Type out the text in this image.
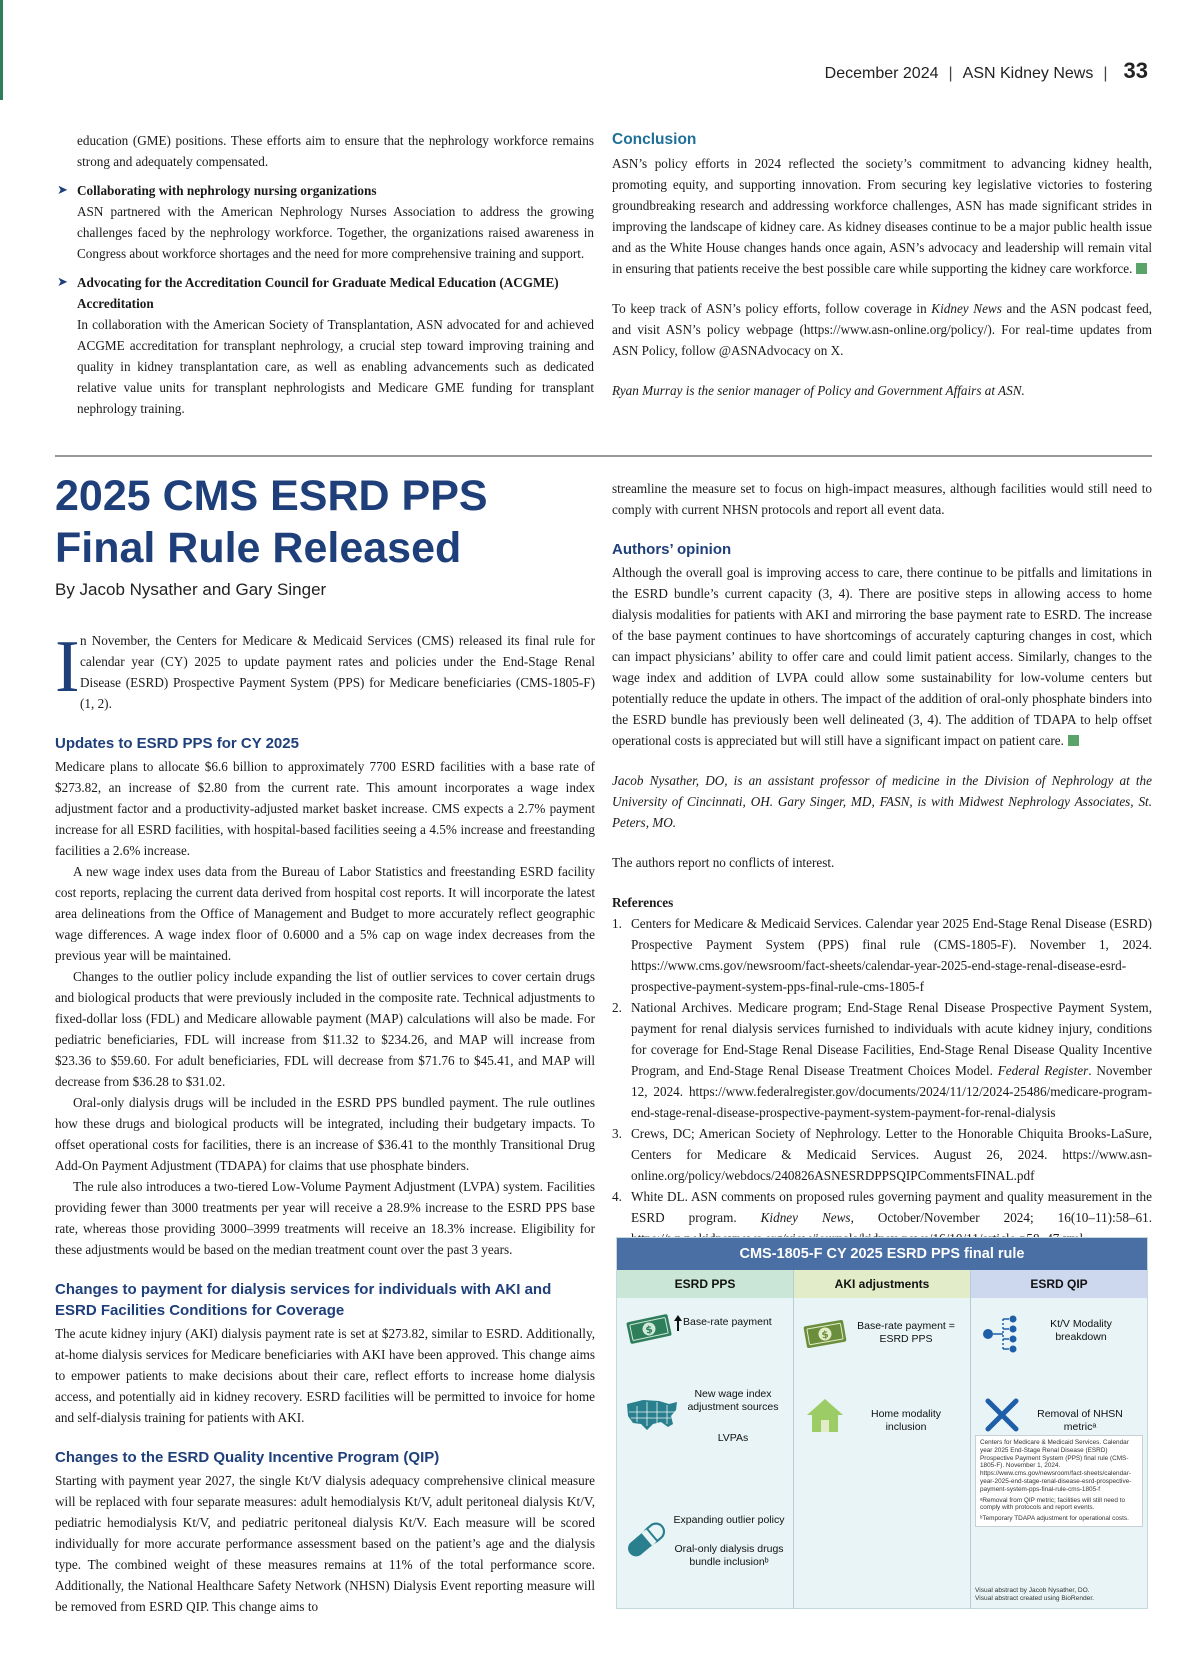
December 2024 | ASN Kidney News | 33

education (GME) positions. These efforts aim to ensure that the nephrology workforce remains strong and adequately compensated.

➤ Collaborating with nephrology nursing organizations

ASN partnered with the American Nephrology Nurses Association to address the growing challenges faced by the nephrology workforce. Together, the organizations raised awareness in Congress about workforce shortages and the need for more comprehensive training and support.

➤ Advocating for the Accreditation Council for Graduate Medical Education (ACGME) Accreditation

In collaboration with the American Society of Transplantation, ASN advocated for and achieved ACGME accreditation for transplant nephrology, a crucial step toward improving training and quality in kidney transplantation care, as well as enabling advancements such as dedicated relative value units for transplant nephrologists and Medicare GME funding for transplant nephrology training.

Conclusion

ASN’s policy efforts in 2024 reflected the society’s commitment to advancing kidney health, promoting equity, and supporting innovation. From securing key legislative victories to fostering groundbreaking research and addressing workforce challenges, ASN has made significant strides in improving the landscape of kidney care. As kidney diseases continue to be a major public health issue and as the White House changes hands once again, ASN’s advocacy and leadership will remain vital in ensuring that patients receive the best possible care while supporting the kidney care workforce.

To keep track of ASN’s policy efforts, follow coverage in Kidney News and the ASN podcast feed, and visit ASN’s policy webpage (https://www.asn-online.org/policy/). For real-time updates from ASN Policy, follow @ASNAdvocacy on X.

Ryan Murray is the senior manager of Policy and Government Affairs at ASN.

2025 CMS ESRD PPS
Final Rule Released
By Jacob Nysather and Gary Singer
I n November, the Centers for Medicare & Medicaid Services (CMS) released its final rule for calendar year (CY) 2025 to update payment rates and policies under the End-Stage Renal Disease (ESRD) Prospective Payment System (PPS) for Medicare beneficiaries (CMS-1805-F) (1, 2).

Updates to ESRD PPS for CY 2025

Medicare plans to allocate $6.6 billion to approximately 7700 ESRD facilities with a base rate of $273.82, an increase of $2.80 from the current rate. This amount incorporates a wage index adjustment factor and a productivity-adjusted market basket increase. CMS expects a 2.7% payment increase for all ESRD facilities, with hospital-based facilities seeing a 4.5% increase and freestanding facilities a 2.6% increase.

A new wage index uses data from the Bureau of Labor Statistics and freestanding ESRD facility cost reports, replacing the current data derived from hospital cost reports. It will incorporate the latest area delineations from the Office of Management and Budget to more accurately reflect geographic wage differences. A wage index floor of 0.6000 and a 5% cap on wage index decreases from the previous year will be maintained.

Changes to the outlier policy include expanding the list of outlier services to cover certain drugs and biological products that were previously included in the composite rate. Technical adjustments to fixed-dollar loss (FDL) and Medicare allowable payment (MAP) calculations will also be made. For pediatric beneficiaries, FDL will increase from $11.32 to $234.26, and MAP will increase from $23.36 to $59.60. For adult beneficiaries, FDL will decrease from $71.76 to $45.41, and MAP will decrease from $36.28 to $31.02.

Oral-only dialysis drugs will be included in the ESRD PPS bundled payment. The rule outlines how these drugs and biological products will be integrated, including their budgetary impacts. To offset operational costs for facilities, there is an increase of $36.41 to the monthly Transitional Drug Add-On Payment Adjustment (TDAPA) for claims that use phosphate binders.

The rule also introduces a two-tiered Low-Volume Payment Adjustment (LVPA) system. Facilities providing fewer than 3000 treatments per year will receive a 28.9% increase to the ESRD PPS base rate, whereas those providing 3000–3999 treatments will receive an 18.3% increase. Eligibility for these adjustments would be based on the median treatment count over the past 3 years.

Changes to payment for dialysis services for individuals with AKI and ESRD Facilities Conditions for Coverage

The acute kidney injury (AKI) dialysis payment rate is set at $273.82, similar to ESRD. Additionally, at-home dialysis services for Medicare beneficiaries with AKI have been approved. This change aims to empower patients to make decisions about their care, reflect efforts to increase home dialysis access, and potentially aid in kidney recovery. ESRD facilities will be permitted to invoice for home and self-dialysis training for patients with AKI.

Changes to the ESRD Quality Incentive Program (QIP)

Starting with payment year 2027, the single Kt/V dialysis adequacy comprehensive clinical measure will be replaced with four separate measures: adult hemodialysis Kt/V, adult peritoneal dialysis Kt/V, pediatric hemodialysis Kt/V, and pediatric peritoneal dialysis Kt/V. Each measure will be scored individually for more accurate performance assessment based on the patient’s age and the dialysis type. The combined weight of these measures remains at 11% of the total performance score. Additionally, the National Healthcare Safety Network (NHSN) Dialysis Event reporting measure will be removed from ESRD QIP. This change aims to

streamline the measure set to focus on high-impact measures, although facilities would still need to comply with current NHSN protocols and report all event data.

Authors’ opinion

Although the overall goal is improving access to care, there continue to be pitfalls and limitations in the ESRD bundle’s current capacity (3, 4). There are positive steps in allowing access to home dialysis modalities for patients with AKI and mirroring the base payment rate to ESRD. The increase of the base payment continues to have shortcomings of accurately capturing changes in cost, which can impact physicians’ ability to offer care and could limit patient access. Similarly, changes to the wage index and addition of LVPA could allow some sustainability for low-volume centers but potentially reduce the update in others. The impact of the addition of oral-only phosphate binders into the ESRD bundle has previously been well delineated (3, 4). The addition of TDAPA to help offset operational costs is appreciated but will still have a significant impact on patient care.

Jacob Nysather, DO, is an assistant professor of medicine in the Division of Nephrology at the University of Cincinnati, OH. Gary Singer, MD, FASN, is with Midwest Nephrology Associates, St. Peters, MO.

The authors report no conflicts of interest.

References

1. Centers for Medicare & Medicaid Services. Calendar year 2025 End-Stage Renal Disease (ESRD) Prospective Payment System (PPS) final rule (CMS-1805-F). November 1, 2024. https://www.cms.gov/newsroom/fact-sheets/calendar-year-2025-end-stage-renal-disease-esrd-prospective-payment-system-pps-final-rule-cms-1805-f
2. National Archives. Medicare program; End-Stage Renal Disease Prospective Payment System, payment for renal dialysis services furnished to individuals with acute kidney injury, conditions for coverage for End-Stage Renal Disease Facilities, End-Stage Renal Disease Quality Incentive Program, and End-Stage Renal Disease Treatment Choices Model. Federal Register. November 12, 2024. https://www.federalregister.gov/documents/2024/11/12/2024-25486/medicare-program-end-stage-renal-disease-prospective-payment-system-payment-for-renal-dialysis
3. Crews, DC; American Society of Nephrology. Letter to the Honorable Chiquita Brooks-LaSure, Centers for Medicare & Medicaid Services. August 26, 2024. https://www.asn-online.org/policy/webdocs/240826ASNESRDPPSQIPCommentsFINAL.pdf
4. White DL. ASN comments on proposed rules governing payment and quality measurement in the ESRD program. Kidney News, October/November 2024; 16(10–11):58–61.
CMS-1805-F CY 2025 ESRD PPS final rule
ESRD PPS
$
Base-rate payment
New wage index adjustment sources
LVPAs
Expanding outlier policy
Oral-only dialysis drugs bundle inclusionᵇ
AKI adjustments
$
Base-rate payment = ESRD PPS
Home modality inclusion
ESRD QIP
Kt/V Modality breakdown
Removal of NHSN metricᵃ

Centers for Medicare & Medicaid Services. Calendar year 2025 End-Stage Renal Disease (ESRD) Prospective Payment System (PPS) final rule (CMS-1805-F). November 1, 2024. https://www.cms.gov/newsroom/fact-sheets/calendar-year-2025-end-stage-renal-disease-esrd-prospective-payment-system-pps-final-rule-cms-1805-f

ᵃRemoval from QIP metric; facilities will still need to comply with protocols and report events.

ᵇTemporary TDAPA adjustment for operational costs.

Visual abstract by Jacob Nysather, DO.
Visual abstract created using BioRender.
